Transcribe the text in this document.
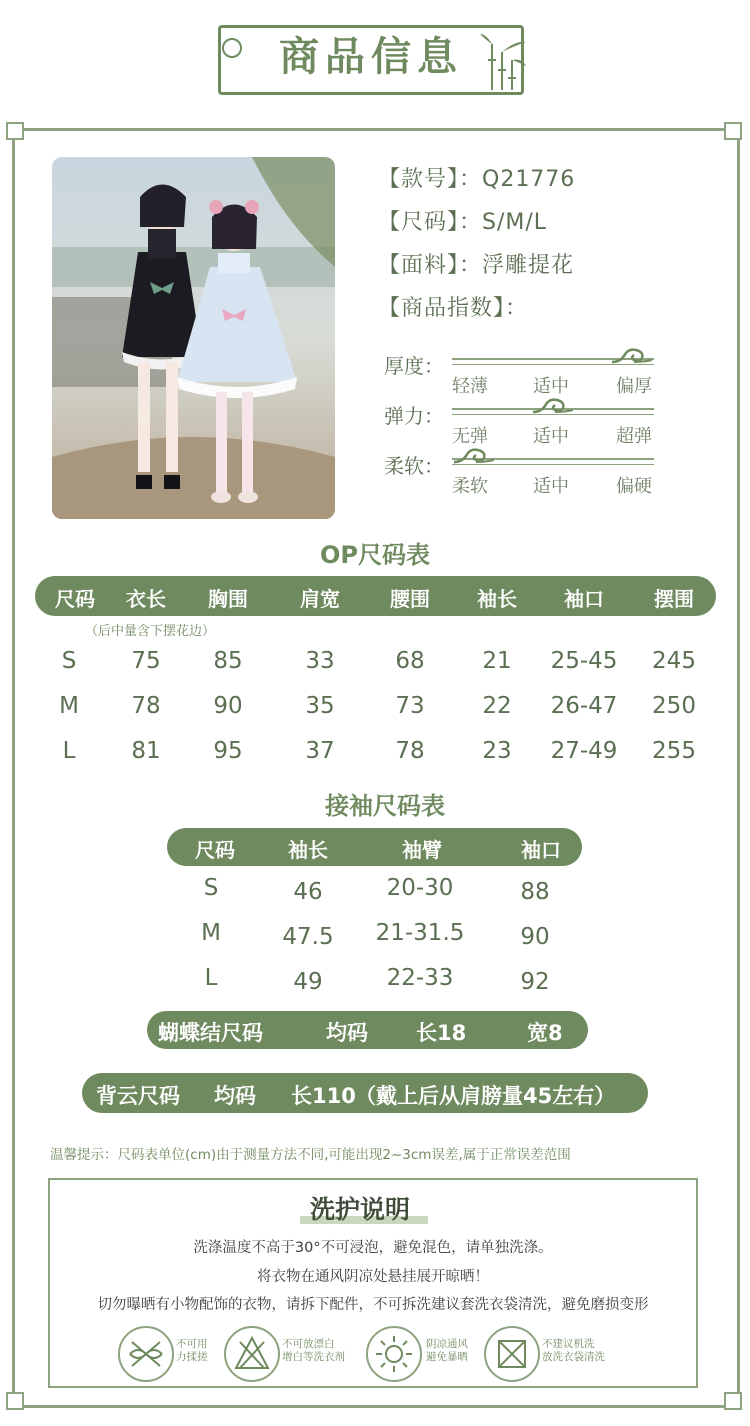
商品信息
【款号】：Q21776
【尺码】：S/M/L
【面料】：浮雕提花
【商品指数】：
厚度：
轻薄	适中	偏厚
弹力：
无弹	适中	超弹
柔软：
柔软	适中	偏硬
OP尺码表
尺码	衣长	胸围	肩宽	腰围	袖长	袖口	摆围
（后中量含下摆花边）
S	75	85	33	68	21	25-45	245
M	78	90	35	73	22	26-47	250
L	81	95	37	78	23	27-49	255
接袖尺码表
尺码	袖长	袖臂	袖口
S	46	20-30	88
M	47.5	21-31.5	90
L	49	22-33	92
蝴蝶结尺码	均码 长18	宽8
背云尺码 均码 长110 （戴上后从肩膀量45左右）
温馨提示：尺码表单位(cm)由于测量方法不同,可能出现2~3cm误差,属于正常误差范围
洗护说明
洗涤温度不高于30°不可浸泡，避免混色，请单独洗涤。
将衣物在通风阴凉处悬挂展开晾晒！
切勿曝晒有小物配饰的衣物，请拆下配件，不可拆洗建议套洗衣袋清洗，避免磨损变形
不可用
力揉搓
不可放漂白
增白等洗衣剂
阴凉通风
避免暴晒
不建议机洗
放洗衣袋清洗
